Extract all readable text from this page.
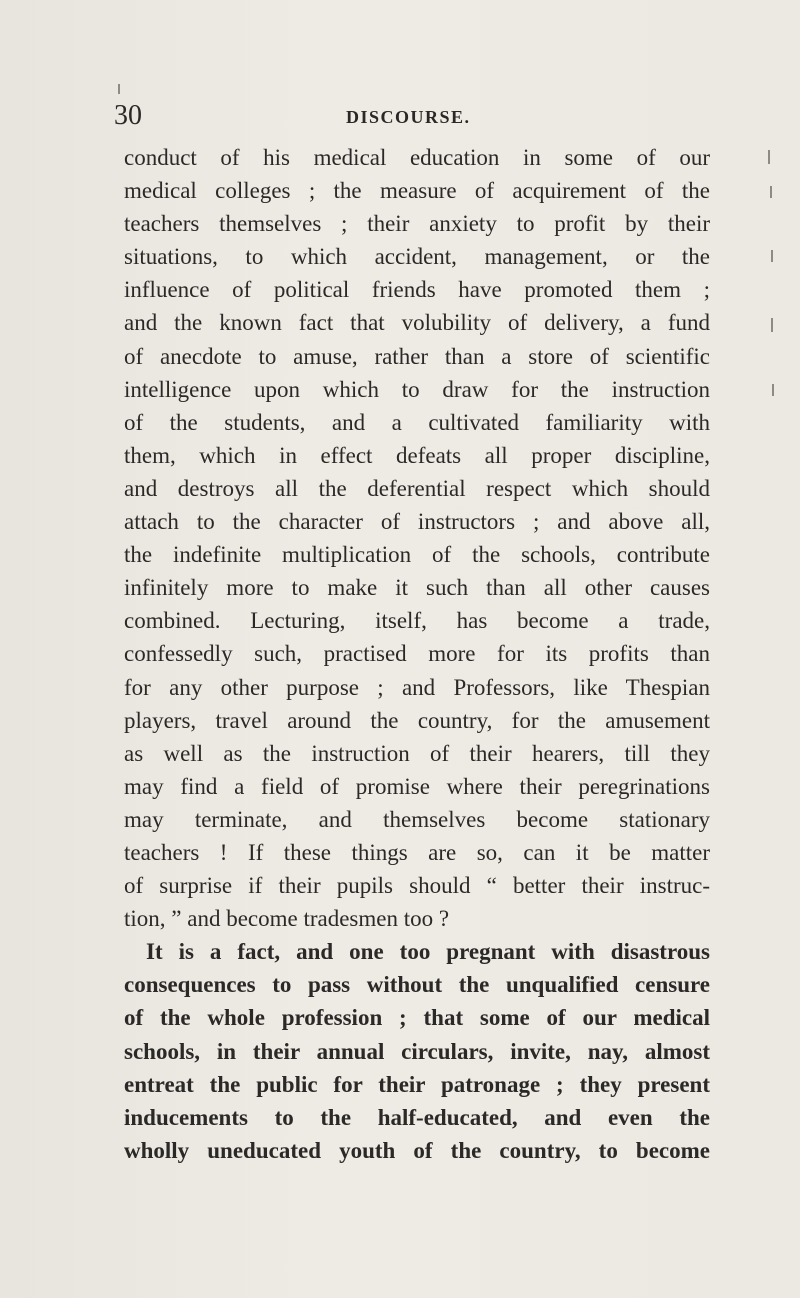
30	DISCOURSE.
conduct of his medical education in some of our
medical colleges ; the measure of acquirement of the
teachers themselves ; their anxiety to profit by their
situations, to which accident, management, or the
influence of political friends have promoted them ;
and the known fact that volubility of delivery, a fund
of anecdote to amuse, rather than a store of scientific
intelligence upon which to draw for the instruction
of the students, and a cultivated familiarity with
them, which in effect defeats all proper discipline,
and destroys all the deferential respect which should
attach to the character of instructors ; and above all,
the indefinite multiplication of the schools, contribute
infinitely more to make it such than all other causes
combined. Lecturing, itself, has become a trade,
confessedly such, practised more for its profits than
for any other purpose ; and Professors, like Thespian
players, travel around the country, for the amusement
as well as the instruction of their hearers, till they
may find a field of promise where their peregrinations
may terminate, and themselves become stationary
teachers ! If these things are so, can it be matter
of surprise if their pupils should “ better their instruc-
tion, ” and become tradesmen too ?
It is a fact, and one too pregnant with disastrous
consequences to pass without the unqualified censure
of the whole profession ; that some of our medical
schools, in their annual circulars, invite, nay, almost
entreat the public for their patronage ; they present
inducements to the half-educated, and even the
wholly uneducated youth of the country, to become
